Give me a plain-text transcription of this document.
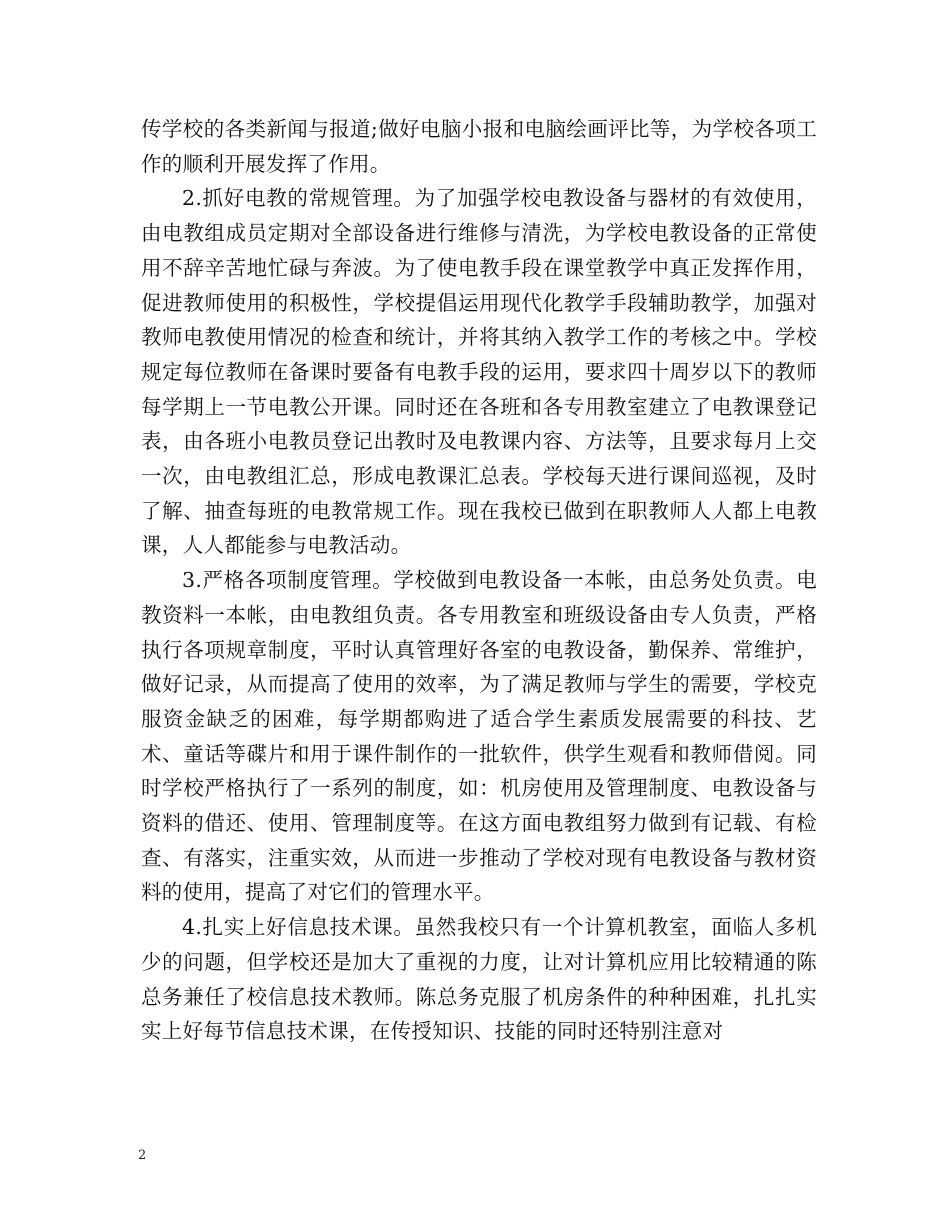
传学校的各类新闻与报道;做好电脑小报和电脑绘画评比等，为学校各项工作的顺利开展发挥了作用。

2.抓好电教的常规管理。为了加强学校电教设备与器材的有效使用，由电教组成员定期对全部设备进行维修与清洗，为学校电教设备的正常使用不辞辛苦地忙碌与奔波。为了使电教手段在课堂教学中真正发挥作用，促进教师使用的积极性，学校提倡运用现代化教学手段辅助教学，加强对教师电教使用情况的检查和统计，并将其纳入教学工作的考核之中。学校规定每位教师在备课时要备有电教手段的运用，要求四十周岁以下的教师每学期上一节电教公开课。同时还在各班和各专用教室建立了电教课登记表，由各班小电教员登记出教时及电教课内容、方法等，且要求每月上交一次，由电教组汇总，形成电教课汇总表。学校每天进行课间巡视，及时了解、抽查每班的电教常规工作。现在我校已做到在职教师人人都上电教课，人人都能参与电教活动。

3.严格各项制度管理。学校做到电教设备一本帐，由总务处负责。电教资料一本帐，由电教组负责。各专用教室和班级设备由专人负责，严格执行各项规章制度，平时认真管理好各室的电教设备，勤保养、常维护，做好记录，从而提高了使用的效率，为了满足教师与学生的需要，学校克服资金缺乏的困难，每学期都购进了适合学生素质发展需要的科技、艺术、童话等碟片和用于课件制作的一批软件，供学生观看和教师借阅。同时学校严格执行了一系列的制度，如：机房使用及管理制度、电教设备与资料的借还、使用、管理制度等。在这方面电教组努力做到有记载、有检查、有落实，注重实效，从而进一步推动了学校对现有电教设备与教材资料的使用，提高了对它们的管理水平。

4.扎实上好信息技术课。虽然我校只有一个计算机教室，面临人多机少的问题，但学校还是加大了重视的力度，让对计算机应用比较精通的陈总务兼任了校信息技术教师。陈总务克服了机房条件的种种困难，扎扎实实上好每节信息技术课，在传授知识、技能的同时还特别注意对

2
